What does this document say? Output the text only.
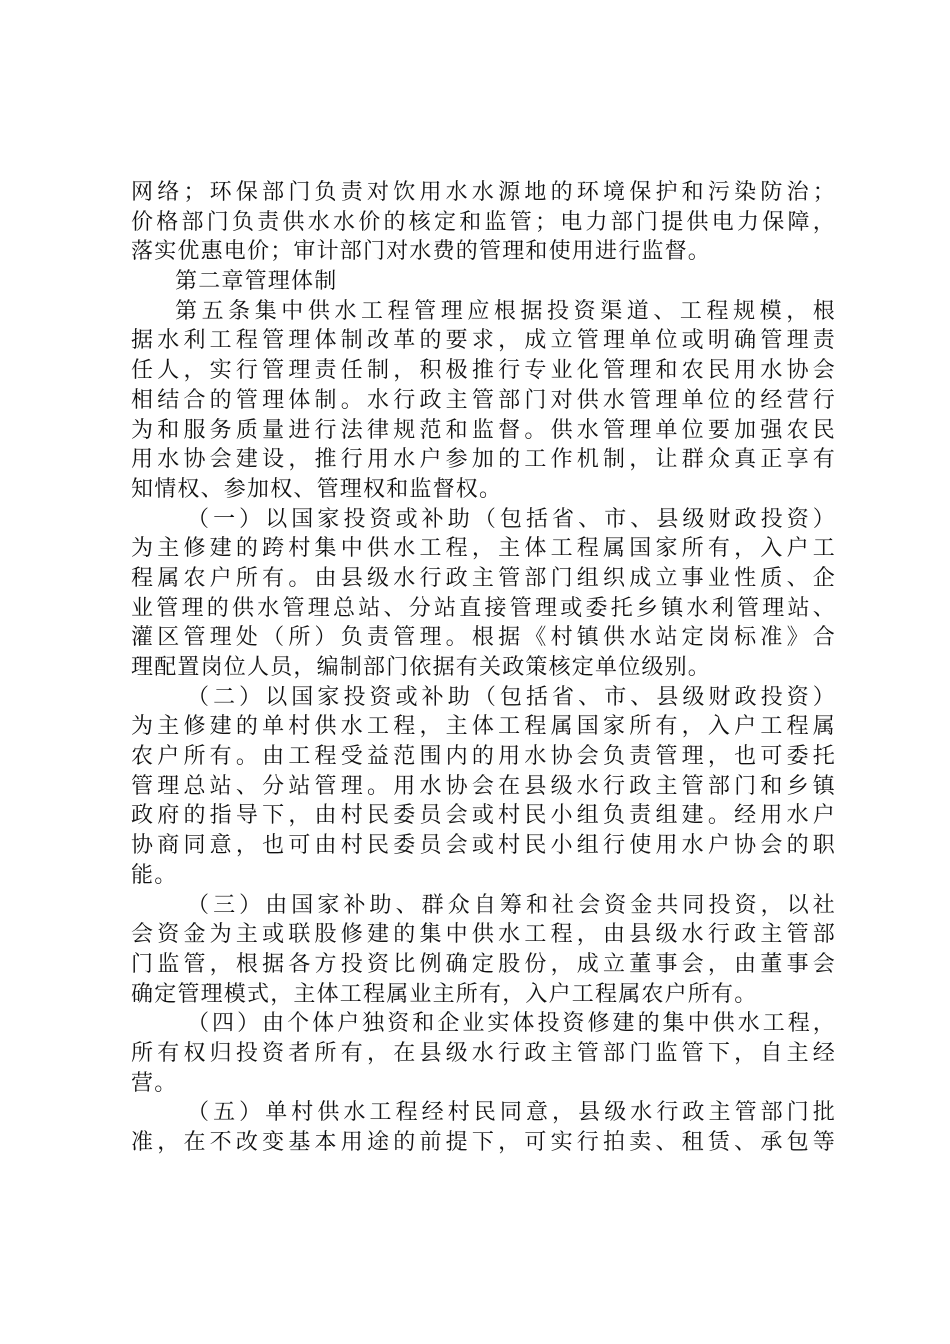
网络；环保部门负责对饮用水水源地的环境保护和污染防治；
价格部门负责供水水价的核定和监管；电力部门提供电力保障，
落实优惠电价；审计部门对水费的管理和使用进行监督。
第二章管理体制
第五条集中供水工程管理应根据投资渠道、工程规模，根
据水利工程管理体制改革的要求，成立管理单位或明确管理责
任人，实行管理责任制，积极推行专业化管理和农民用水协会
相结合的管理体制。水行政主管部门对供水管理单位的经营行
为和服务质量进行法律规范和监督。供水管理单位要加强农民
用水协会建设，推行用水户参加的工作机制，让群众真正享有
知情权、参加权、管理权和监督权。
（一）以国家投资或补助（包括省、市、县级财政投资）
为主修建的跨村集中供水工程，主体工程属国家所有，入户工
程属农户所有。由县级水行政主管部门组织成立事业性质、企
业管理的供水管理总站、分站直接管理或委托乡镇水利管理站、
灌区管理处（所）负责管理。根据《村镇供水站定岗标准》合
理配置岗位人员，编制部门依据有关政策核定单位级别。
（二）以国家投资或补助（包括省、市、县级财政投资）
为主修建的单村供水工程，主体工程属国家所有，入户工程属
农户所有。由工程受益范围内的用水协会负责管理，也可委托
管理总站、分站管理。用水协会在县级水行政主管部门和乡镇
政府的指导下，由村民委员会或村民小组负责组建。经用水户
协商同意，也可由村民委员会或村民小组行使用水户协会的职
能。
（三）由国家补助、群众自筹和社会资金共同投资，以社
会资金为主或联股修建的集中供水工程，由县级水行政主管部
门监管，根据各方投资比例确定股份，成立董事会，由董事会
确定管理模式，主体工程属业主所有，入户工程属农户所有。
（四）由个体户独资和企业实体投资修建的集中供水工程，
所有权归投资者所有，在县级水行政主管部门监管下，自主经
营。
（五）单村供水工程经村民同意，县级水行政主管部门批
准，在不改变基本用途的前提下，可实行拍卖、租赁、承包等
